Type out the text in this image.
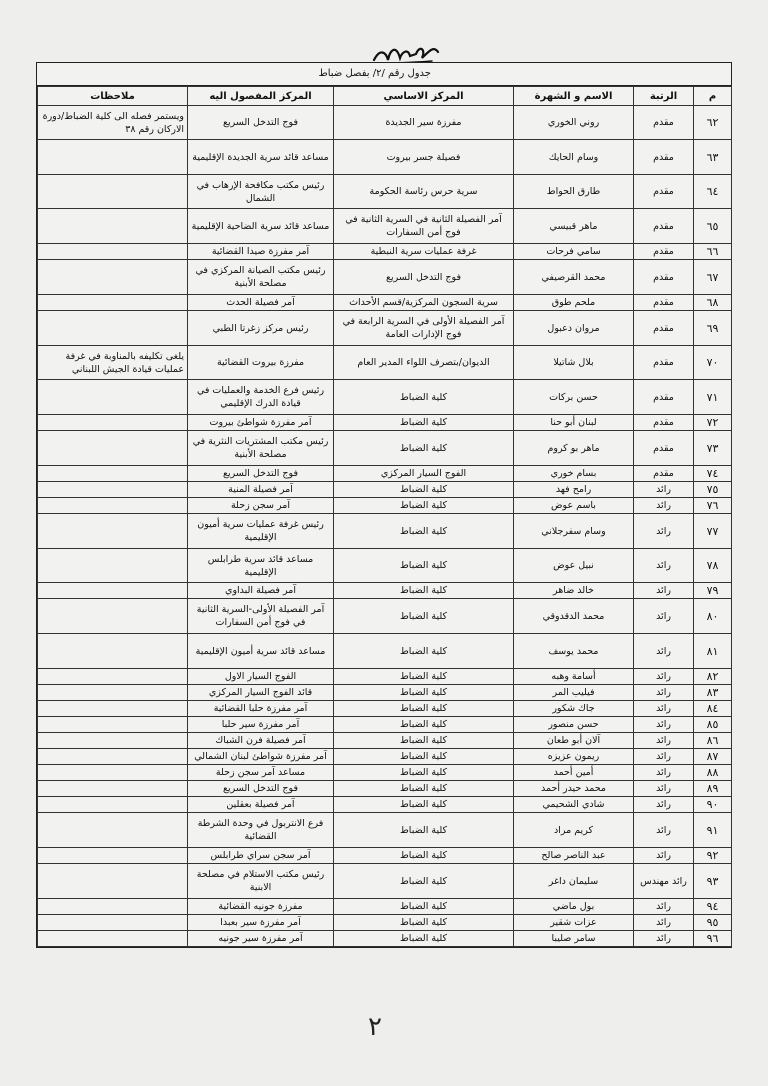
جدول رقم /٢/ بفصل ضباط
م	الرتبة	الاسم و الشهرة	المركز الاساسي	المركز المفصول اليه	ملاحظات
٦٢	مقدم	روني الخوري	مفرزة سير الجديدة	فوج التدخل السريع	ويستمر فصله الى كلية الضباط/دورة الاركان رقم ٣٨
٦٣	مقدم	وسام الحايك	فصيلة جسر بيروت	مساعد قائد سرية الجديدة الإقليمية	
٦٤	مقدم	طارق الحواط	سرية حرس رئاسة الحكومة	رئيس مكتب مكافحة الإرهاب في الشمال	
٦٥	مقدم	ماهر قبيسي	آمر الفصيلة الثانية في السرية الثانية في فوج أمن السفارات	مساعد قائد سرية الضاحية الإقليمية	
٦٦	مقدم	سامي فرحات	غرفة عمليات سرية النبطية	آمر مفرزة صيدا القضائية	
٦٧	مقدم	محمد القرصيفي	فوج التدخل السريع	رئيس مكتب الصيانة المركزي في مصلحة الأبنية	
٦٨	مقدم	ملحم طوق	سرية السجون المركزية/قسم الأحداث	آمر فصيلة الحدث	
٦٩	مقدم	مروان دعبول	آمر الفصيلة الأولى في السرية الرابعة في فوج الإدارات العامة	رئيس مركز زغرتا الطبي	
٧٠	مقدم	بلال شاتيلا	الديوان/بتصرف اللواء المدير العام	مفرزة بيروت القضائية	يلغى تكليفه بالمناوبة في غرفة عمليات قيادة الجيش اللبناني
٧١	مقدم	حسن بركات	كلية الضباط	رئيس فرع الخدمة والعمليات في قيادة الدرك الإقليمي	
٧٢	مقدم	لبنان أبو حنا	كلية الضباط	آمر مفرزة شواطئ بيروت	
٧٣	مقدم	ماهر بو كروم	كلية الضباط	رئيس مكتب المشتريات النثرية في مصلحة الأبنية	
٧٤	مقدم	بسام خوري	الفوج السيار المركزي	فوج التدخل السريع	
٧٥	رائد	رامح فهد	كلية الضباط	آمر فصيلة المنية	
٧٦	رائد	باسم عوض	كلية الضباط	آمر سجن زحلة	
٧٧	رائد	وسام سفرجلاني	كلية الضباط	رئيس غرفة عمليات سرية أميون الإقليمية	
٧٨	رائد	نبيل عوض	كلية الضباط	مساعد قائد سرية طرابلس الإقليمية	
٧٩	رائد	خالد ضاهر	كلية الضباط	آمر فصيلة البداوي	
٨٠	رائد	محمد الدقدوقي	كلية الضباط	آمر الفصيلة الأولى-السرية الثانية في فوج أمن السفارات	
٨١	رائد	محمد يوسف	كلية الضباط	مساعد قائد سرية أميون الإقليمية	
٨٢	رائد	أسامة وهبه	كلية الضباط	الفوج السيار الاول	
٨٣	رائد	فيليب المر	كلية الضباط	قائد الفوج السيار المركزي	
٨٤	رائد	جاك شكور	كلية الضباط	آمر مفرزة حلبا القضائية	
٨٥	رائد	حسن منصور	كلية الضباط	آمر مفرزة سير حلبا	
٨٦	رائد	آلان أبو طعان	كلية الضباط	آمر فصيلة فرن الشباك	
٨٧	رائد	ريمون عزيزه	كلية الضباط	آمر مفرزة شواطئ لبنان الشمالي	
٨٨	رائد	أمين أحمد	كلية الضباط	مساعد آمر سجن زحلة	
٨٩	رائد	محمد حيدر أحمد	كلية الضباط	فوج التدخل السريع	
٩٠	رائد	شادي الشحيمي	كلية الضباط	آمر فصيلة بعقلين	
٩١	رائد	كريم مراد	كلية الضباط	فرع الانتربول في وحدة الشرطة القضائية	
٩٢	رائد	عبد الناصر صالح	كلية الضباط	آمر سجن سراي طرابلس	
٩٣	رائد مهندس	سليمان داغر	كلية الضباط	رئيس مكتب الاستلام في مصلحة الابنية	
٩٤	رائد	بول ماضي	كلية الضباط	مفرزة جونيه القضائية	
٩٥	رائد	عزات شقير	كلية الضباط	آمر مفرزة سير بعبدا	
٩٦	رائد	سامر صليبا	كلية الضباط	آمر مفرزة سير جونيه	
٢
